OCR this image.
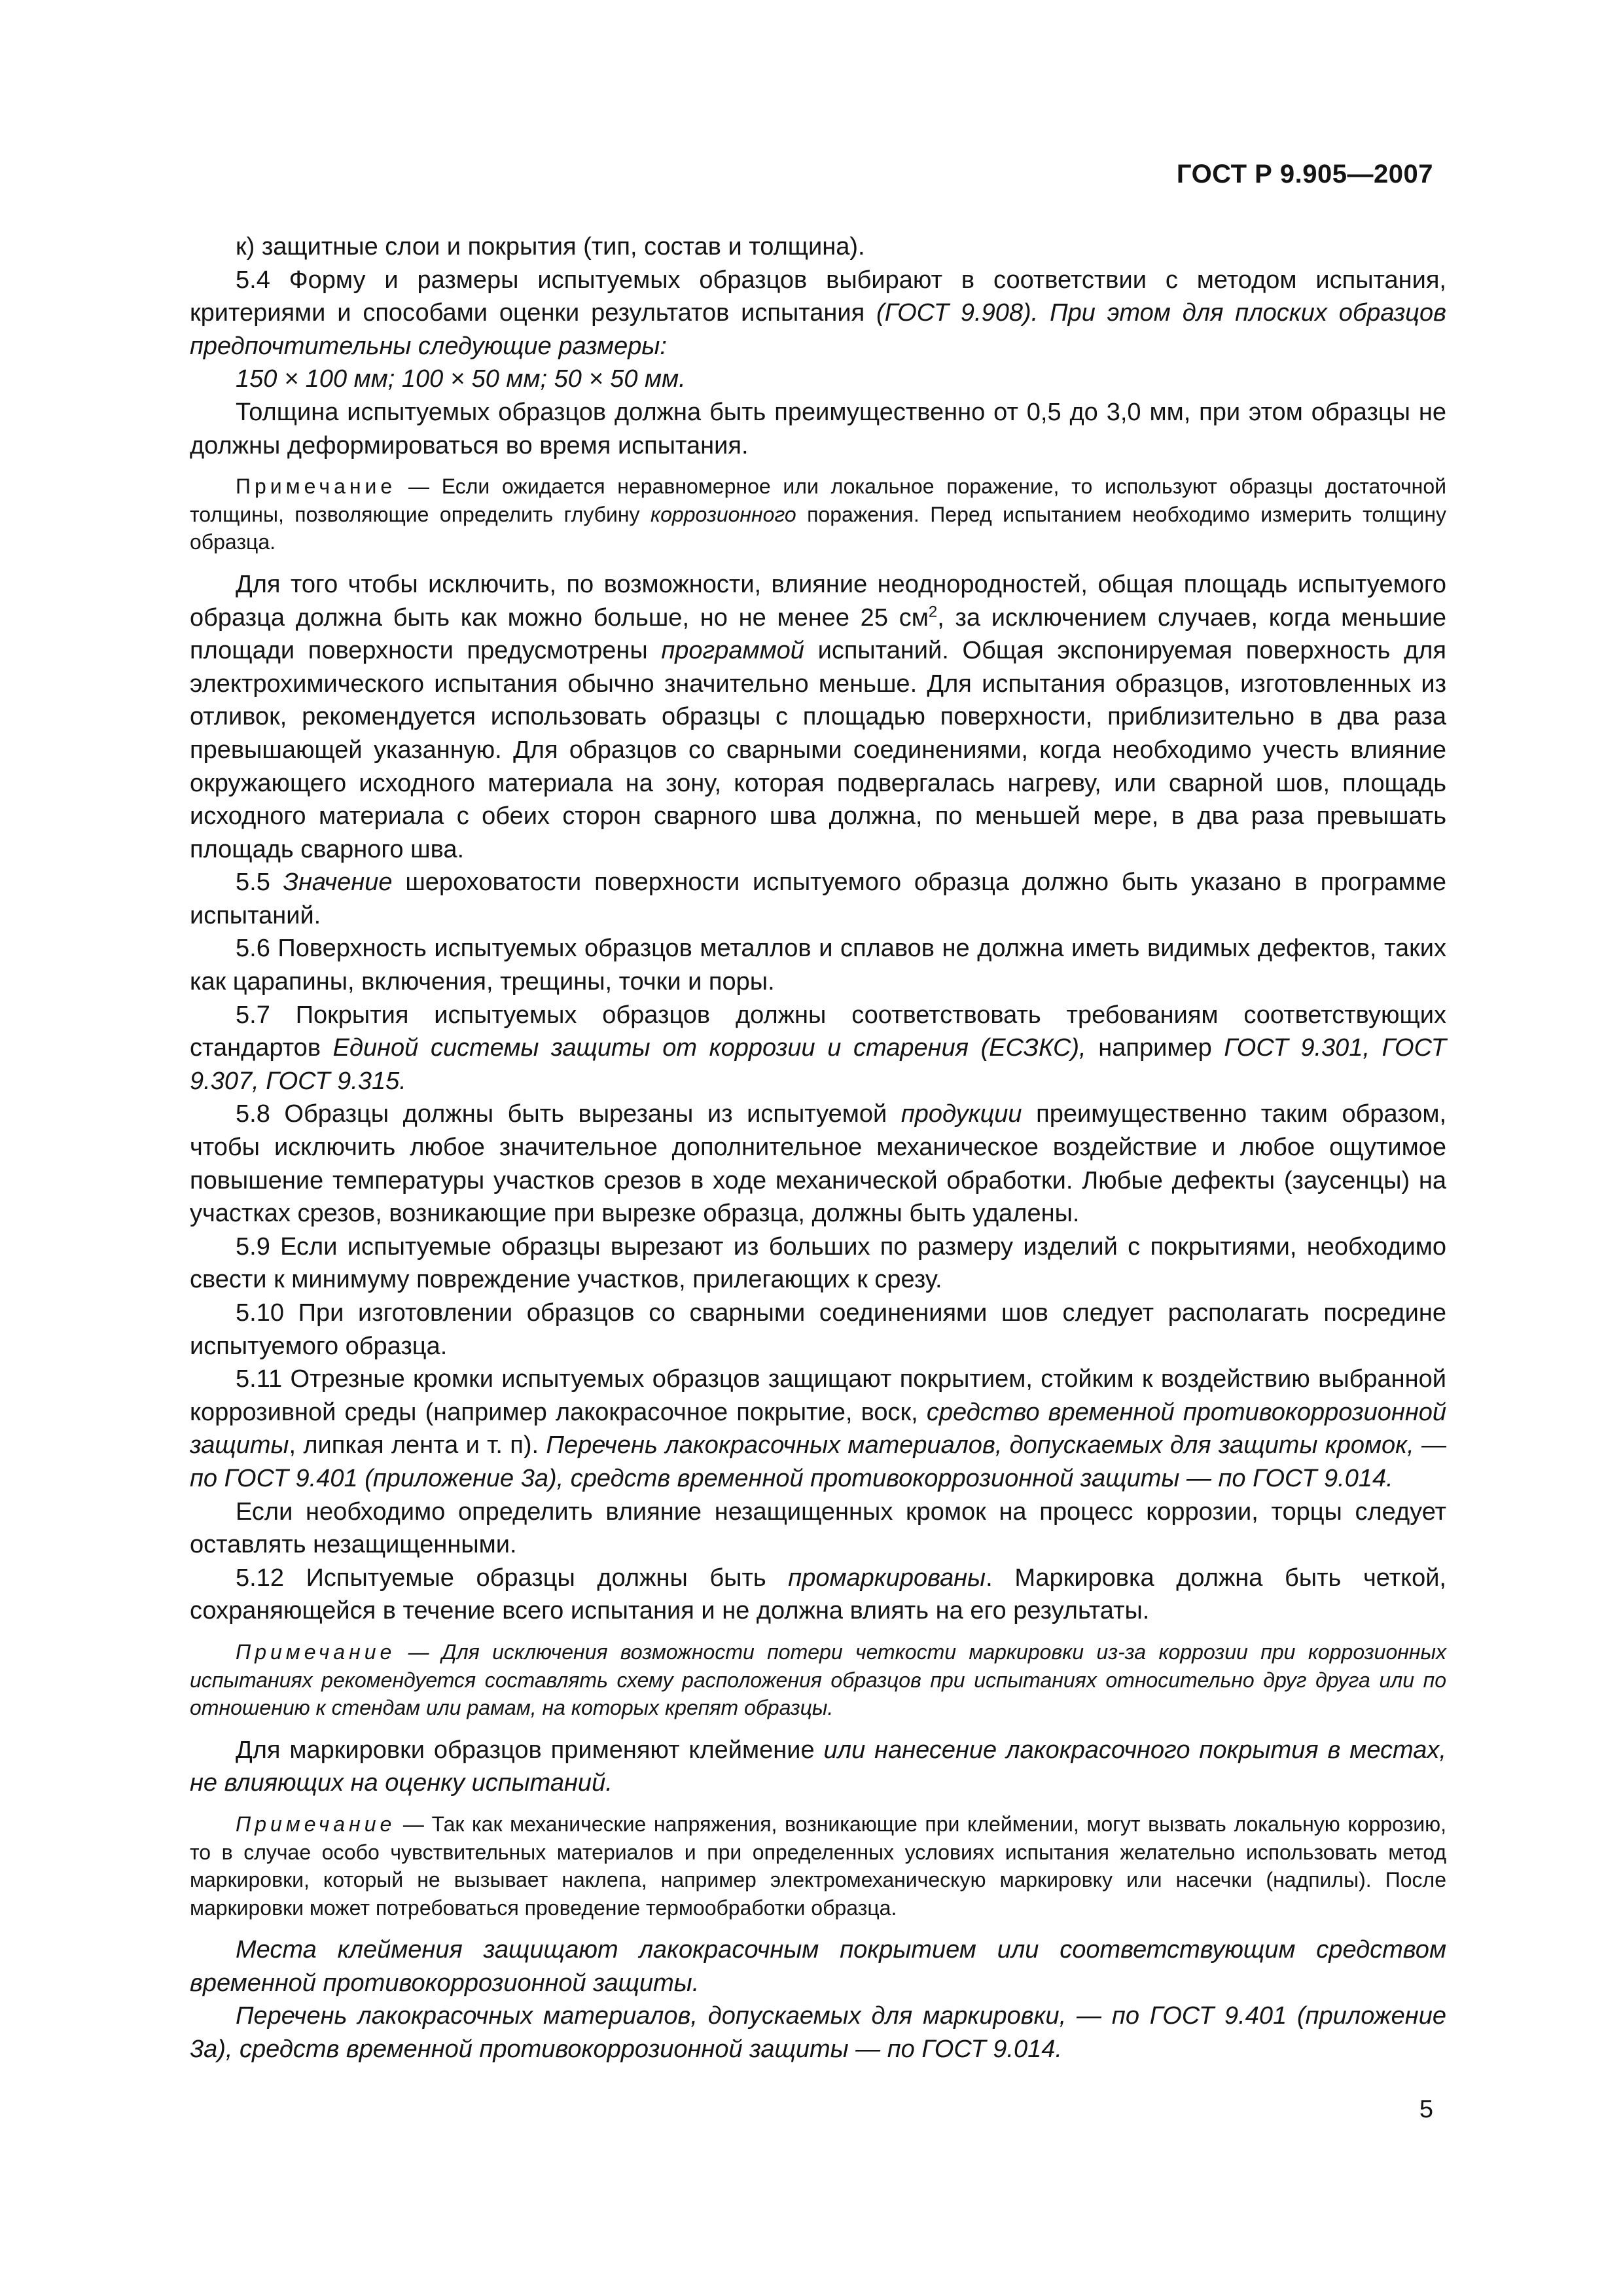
ГОСТ Р 9.905—2007

к) защитные слои и покрытия (тип, состав и толщина).

5.4 Форму и размеры испытуемых образцов выбирают в соответствии с методом испытания, критериями и способами оценки результатов испытания (ГОСТ 9.908). При этом для плоских образцов предпочтительны следующие размеры:

150 × 100 мм; 100 × 50 мм; 50 × 50 мм.

Толщина испытуемых образцов должна быть преимущественно от 0,5 до 3,0 мм, при этом образцы не должны деформироваться во время испытания.

Примечание — Если ожидается неравномерное или локальное поражение, то используют образцы достаточной толщины, позволяющие определить глубину коррозионного поражения. Перед испытанием необходимо измерить толщину образца.

Для того чтобы исключить, по возможности, влияние неоднородностей, общая площадь испытуемого образца должна быть как можно больше, но не менее 25 $см^2$, за исключением случаев, когда меньшие площади поверхности предусмотрены программой испытаний. Общая экспонируемая поверхность для электрохимического испытания обычно значительно меньше. Для испытания образцов, изготовленных из отливок, рекомендуется использовать образцы с площадью поверхности, приблизительно в два раза превышающей указанную. Для образцов со сварными соединениями, когда необходимо учесть влияние окружающего исходного материала на зону, которая подвергалась нагреву, или сварной шов, площадь исходного материала с обеих сторон сварного шва должна, по меньшей мере, в два раза превышать площадь сварного шва.

5.5 Значение шероховатости поверхности испытуемого образца должно быть указано в программе испытаний.

5.6 Поверхность испытуемых образцов металлов и сплавов не должна иметь видимых дефектов, таких как царапины, включения, трещины, точки и поры.

5.7 Покрытия испытуемых образцов должны соответствовать требованиям соответствующих стандартов Единой системы защиты от коррозии и старения (ЕСЗКС), например ГОСТ 9.301, ГОСТ 9.307, ГОСТ 9.315.

5.8 Образцы должны быть вырезаны из испытуемой продукции преимущественно таким образом, чтобы исключить любое значительное дополнительное механическое воздействие и любое ощутимое повышение температуры участков срезов в ходе механической обработки. Любые дефекты (заусенцы) на участках срезов, возникающие при вырезке образца, должны быть удалены.

5.9 Если испытуемые образцы вырезают из больших по размеру изделий с покрытиями, необходимо свести к минимуму повреждение участков, прилегающих к срезу.

5.10 При изготовлении образцов со сварными соединениями шов следует располагать посредине испытуемого образца.

5.11 Отрезные кромки испытуемых образцов защищают покрытием, стойким к воздействию выбранной коррозивной среды (например лакокрасочное покрытие, воск, средство временной противокоррозионной защиты, липкая лента и т. п). Перечень лакокрасочных материалов, допускаемых для защиты кромок, — по ГОСТ 9.401 (приложение 3а), средств временной противокоррозионной защиты — по ГОСТ 9.014.

Если необходимо определить влияние незащищенных кромок на процесс коррозии, торцы следует оставлять незащищенными.

5.12 Испытуемые образцы должны быть промаркированы. Маркировка должна быть четкой, сохраняющейся в течение всего испытания и не должна влиять на его результаты.

Примечание — Для исключения возможности потери четкости маркировки из-за коррозии при коррозионных испытаниях рекомендуется составлять схему расположения образцов при испытаниях относительно друг друга или по отношению к стендам или рамам, на которых крепят образцы.

Для маркировки образцов применяют клеймение или нанесение лакокрасочного покрытия в местах, не влияющих на оценку испытаний.

Примечание — Так как механические напряжения, возникающие при клеймении, могут вызвать локальную коррозию, то в случае особо чувствительных материалов и при определенных условиях испытания желательно использовать метод маркировки, который не вызывает наклепа, например электромеханическую маркировку или насечки (надпилы). После маркировки может потребоваться проведение термообработки образца.

Места клеймения защищают лакокрасочным покрытием или соответствующим средством временной противокоррозионной защиты.

Перечень лакокрасочных материалов, допускаемых для маркировки, — по ГОСТ 9.401 (приложение 3а), средств временной противокоррозионной защиты — по ГОСТ 9.014.

5
